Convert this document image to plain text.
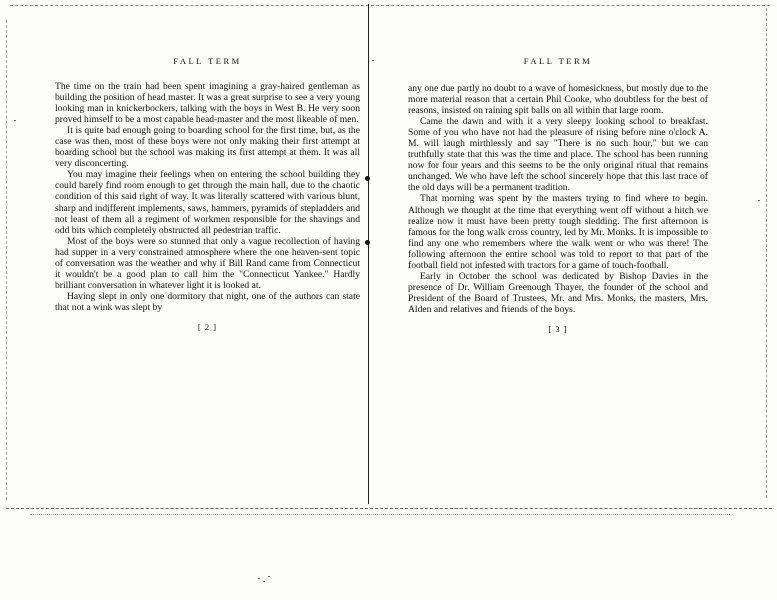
FALL TERM

The time on the train had been spent imagining a gray-haired gentleman as building the position of head master. It was a great surprise to see a very young looking man in knickerbockers, talking with the boys in West B. He very soon proved himself to be a most capable head-master and the most likeable of men.

It is quite bad enough going to boarding school for the first time, but, as the case was then, most of these boys were not only making their first attempt at boarding school but the school was making its first attempt at them. It was all very disconcerting.

You may imagine their feelings when on entering the school building they could barely find room enough to get through the main hall, due to the chaotic condition of this said right of way. It was literally scattered with various blunt, sharp and indifferent implements, saws, hammers, pyramids of stepladders and not least of them all a regiment of workmen responsible for the shavings and odd bits which completely obstructed all pedestrian traffic.

Most of the boys were so stunned that only a vague recollection of having had supper in a very constrained atmosphere where the one heaven-sent topic of conversation was the weather and why if Bill Rand came from Connecticut it wouldn't be a good plan to call him the "Connecticut Yankee." Hardly brilliant conversation in whatever light it is looked at.

Having slept in only one dormitory that night, one of the authors can state that not a wink was slept by

[ 2 ]
FALL TERM

any one due partly no doubt to a wave of homesickness, but mostly due to the more material reason that a certain Phil Cooke, who doubtless for the best of reasons, insisted on raining spit balls on all within that large room.

Came the dawn and with it a very sleepy looking school to breakfast. Some of you who have not had the pleasure of rising before nine o'clock A. M. will laugh mirthlessly and say "There is no such hour," but we can truthfully state that this was the time and place. The school has been running now for four years and this seems to be the only original ritual that remains unchanged. We who have left the school sincerely hope that this last trace of the old days will be a permanent tradition.

That morning was spent by the masters trying to find where to begin. Although we thought at the time that everything went off without a hitch we realize now it must have been pretty tough sledding. The first afternoon is famous for the long walk cross country, led by Mr. Monks. It is impossible to find any one who remembers where the walk went or who was there! The following afternoon the entire school was told to report to that part of the football field not infested with tractors for a game of touch-football.

Early in October the school was dedicated by Bishop Davies in the presence of Dr. William Greenough Thayer, the founder of the school and President of the Board of Trustees, Mr. and Mrs. Monks, the masters, Mrs. Alden and relatives and friends of the boys.

[ 3 ]
